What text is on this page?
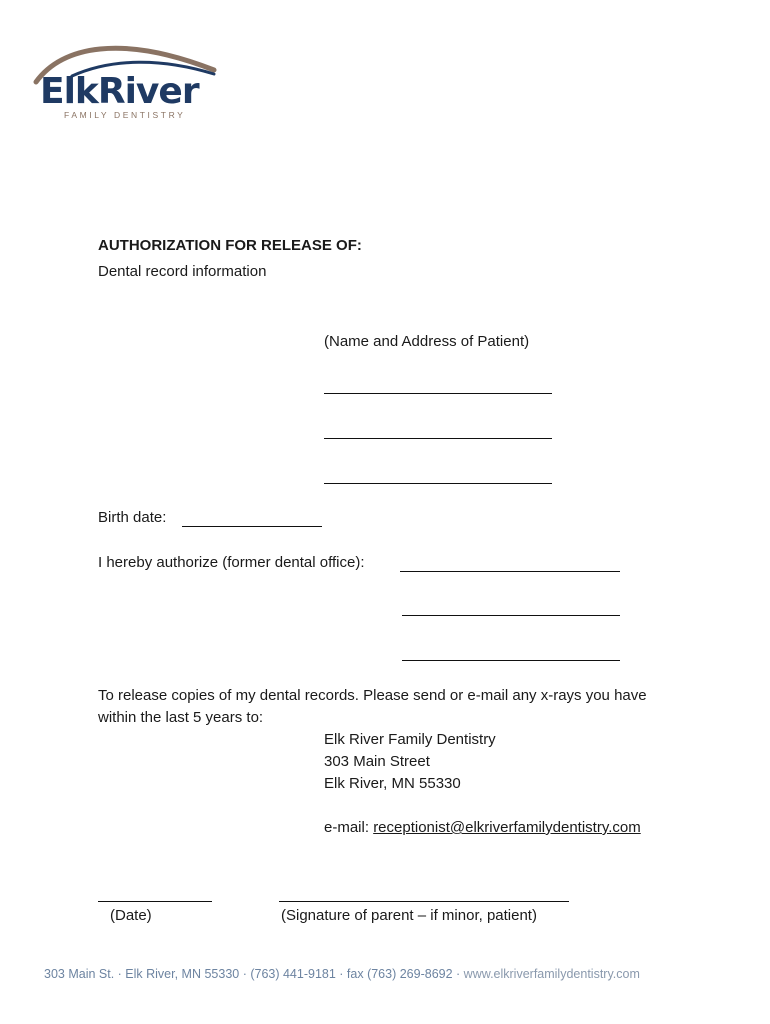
ElkRiver
FAMILY DENTISTRY
AUTHORIZATION FOR RELEASE OF:
Dental record information
(Name and Address of Patient)
Birth date:
I hereby authorize (former dental office):
To release copies of my dental records. Please send or e-mail any x-rays you have
within the last 5 years to:
Elk River Family Dentistry
303 Main Street
Elk River, MN 55330
e-mail: receptionist@elkriverfamilydentistry.com
(Date)	(Signature of parent – if minor, patient)
303 Main St. · Elk River, MN 55330 · (763) 441-9181 · fax (763) 269-8692 · www.elkriverfamilydentistry.com
